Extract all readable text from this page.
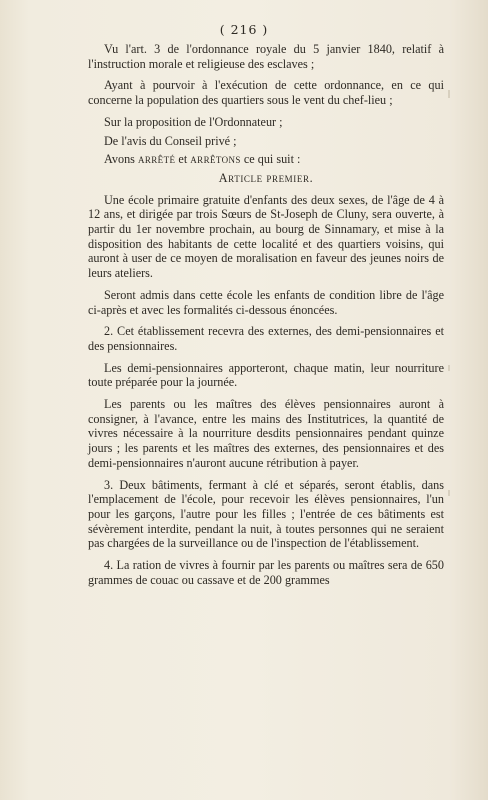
( 216 )

Vu l'art. 3 de l'ordonnance royale du 5 janvier 1840, relatif à l'instruction morale et religieuse des esclaves ;

Ayant à pourvoir à l'exécution de cette ordonnance, en ce qui concerne la population des quartiers sous le vent du chef-lieu ;

Sur la proposition de l'Ordonnateur ;

De l'avis du Conseil privé ;

Avons arrêté et arrêtons ce qui suit :

Article premier.

Une école primaire gratuite d'enfants des deux sexes, de l'âge de 4 à 12 ans, et dirigée par trois Sœurs de St-Joseph de Cluny, sera ouverte, à partir du 1er novembre prochain, au bourg de Sinnamary, et mise à la disposition des habitants de cette localité et des quartiers voisins, qui auront à user de ce moyen de moralisation en faveur des jeunes noirs de leurs ateliers.

Seront admis dans cette école les enfants de condition libre de l'âge ci-après et avec les formalités ci-dessous énoncées.

2. Cet établissement recevra des externes, des demi-pensionnaires et des pensionnaires.

Les demi-pensionnaires apporteront, chaque matin, leur nourriture toute préparée pour la journée.

Les parents ou les maîtres des élèves pensionnaires auront à consigner, à l'avance, entre les mains des Institutrices, la quantité de vivres nécessaire à la nourriture desdits pensionnaires pendant quinze jours ; les parents et les maîtres des externes, des pensionnaires et des demi-pensionnaires n'auront aucune rétribution à payer.

3. Deux bâtiments, fermant à clé et séparés, seront établis, dans l'emplacement de l'école, pour recevoir les élèves pensionnaires, l'un pour les garçons, l'autre pour les filles ; l'entrée de ces bâtiments est sévèrement interdite, pendant la nuit, à toutes personnes qui ne seraient pas chargées de la surveillance ou de l'inspection de l'établissement.

4. La ration de vivres à fournir par les parents ou maîtres sera de 650 grammes de couac ou cassave et de 200 grammes
